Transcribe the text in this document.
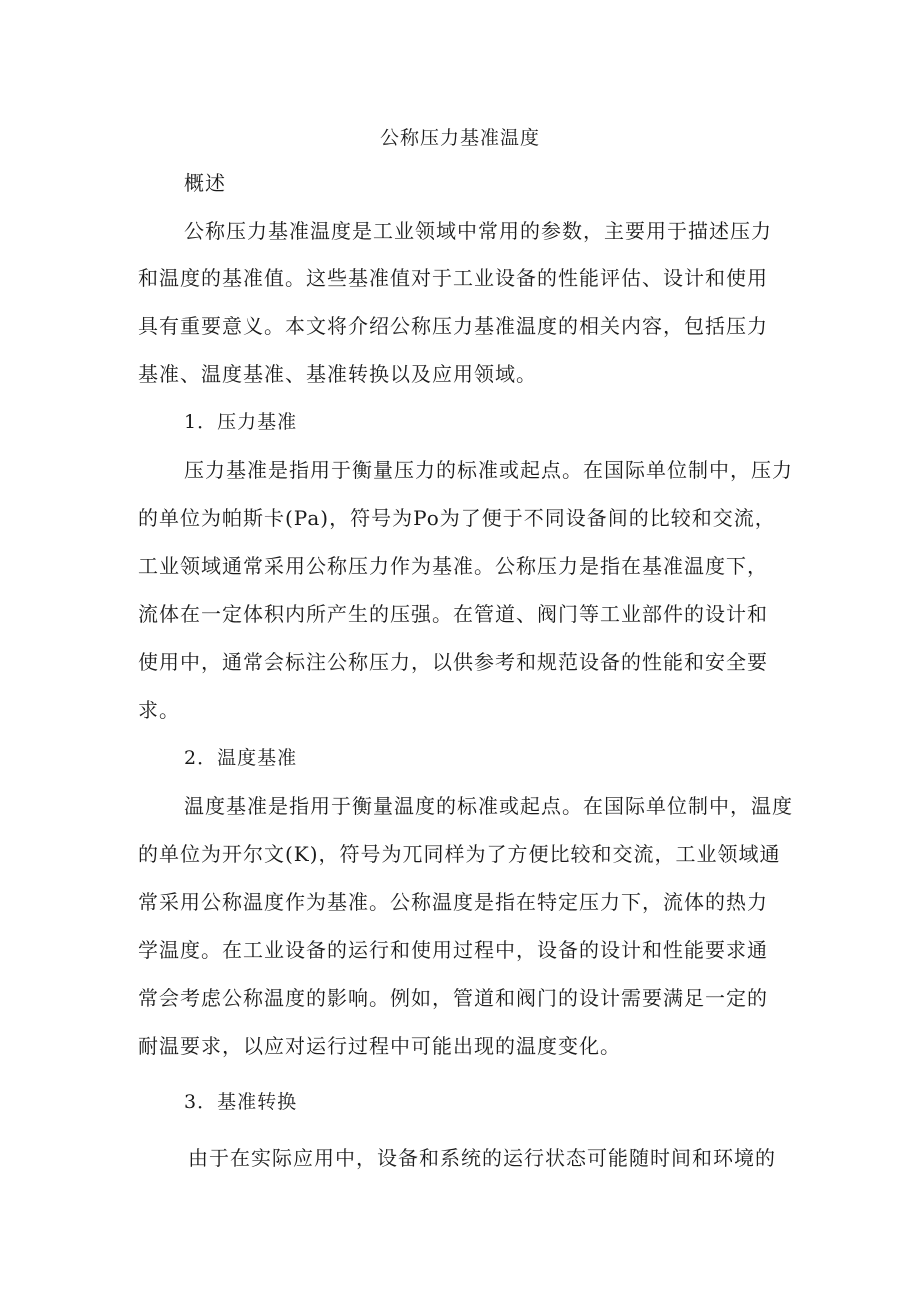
公称压力基准温度
概述
公称压力基准温度是工业领域中常用的参数，主要用于描述压力
和温度的基准值。这些基准值对于工业设备的性能评估、设计和使用
具有重要意义。本文将介绍公称压力基准温度的相关内容，包括压力
基准、温度基准、基准转换以及应用领域。
1．压力基准
压力基准是指用于衡量压力的标准或起点。在国际单位制中，压力
的单位为帕斯卡(Pa)，符号为Po为了便于不同设备间的比较和交流，
工业领域通常采用公称压力作为基准。公称压力是指在基准温度下，
流体在一定体积内所产生的压强。在管道、阀门等工业部件的设计和
使用中，通常会标注公称压力，以供参考和规范设备的性能和安全要
求。
2．温度基准
温度基准是指用于衡量温度的标准或起点。在国际单位制中，温度
的单位为开尔文(K)，符号为兀同样为了方便比较和交流，工业领域通
常采用公称温度作为基准。公称温度是指在特定压力下，流体的热力
学温度。在工业设备的运行和使用过程中，设备的设计和性能要求通
常会考虑公称温度的影响。例如，管道和阀门的设计需要满足一定的
耐温要求，以应对运行过程中可能出现的温度变化。
3．基准转换
由于在实际应用中，设备和系统的运行状态可能随时间和环境的
